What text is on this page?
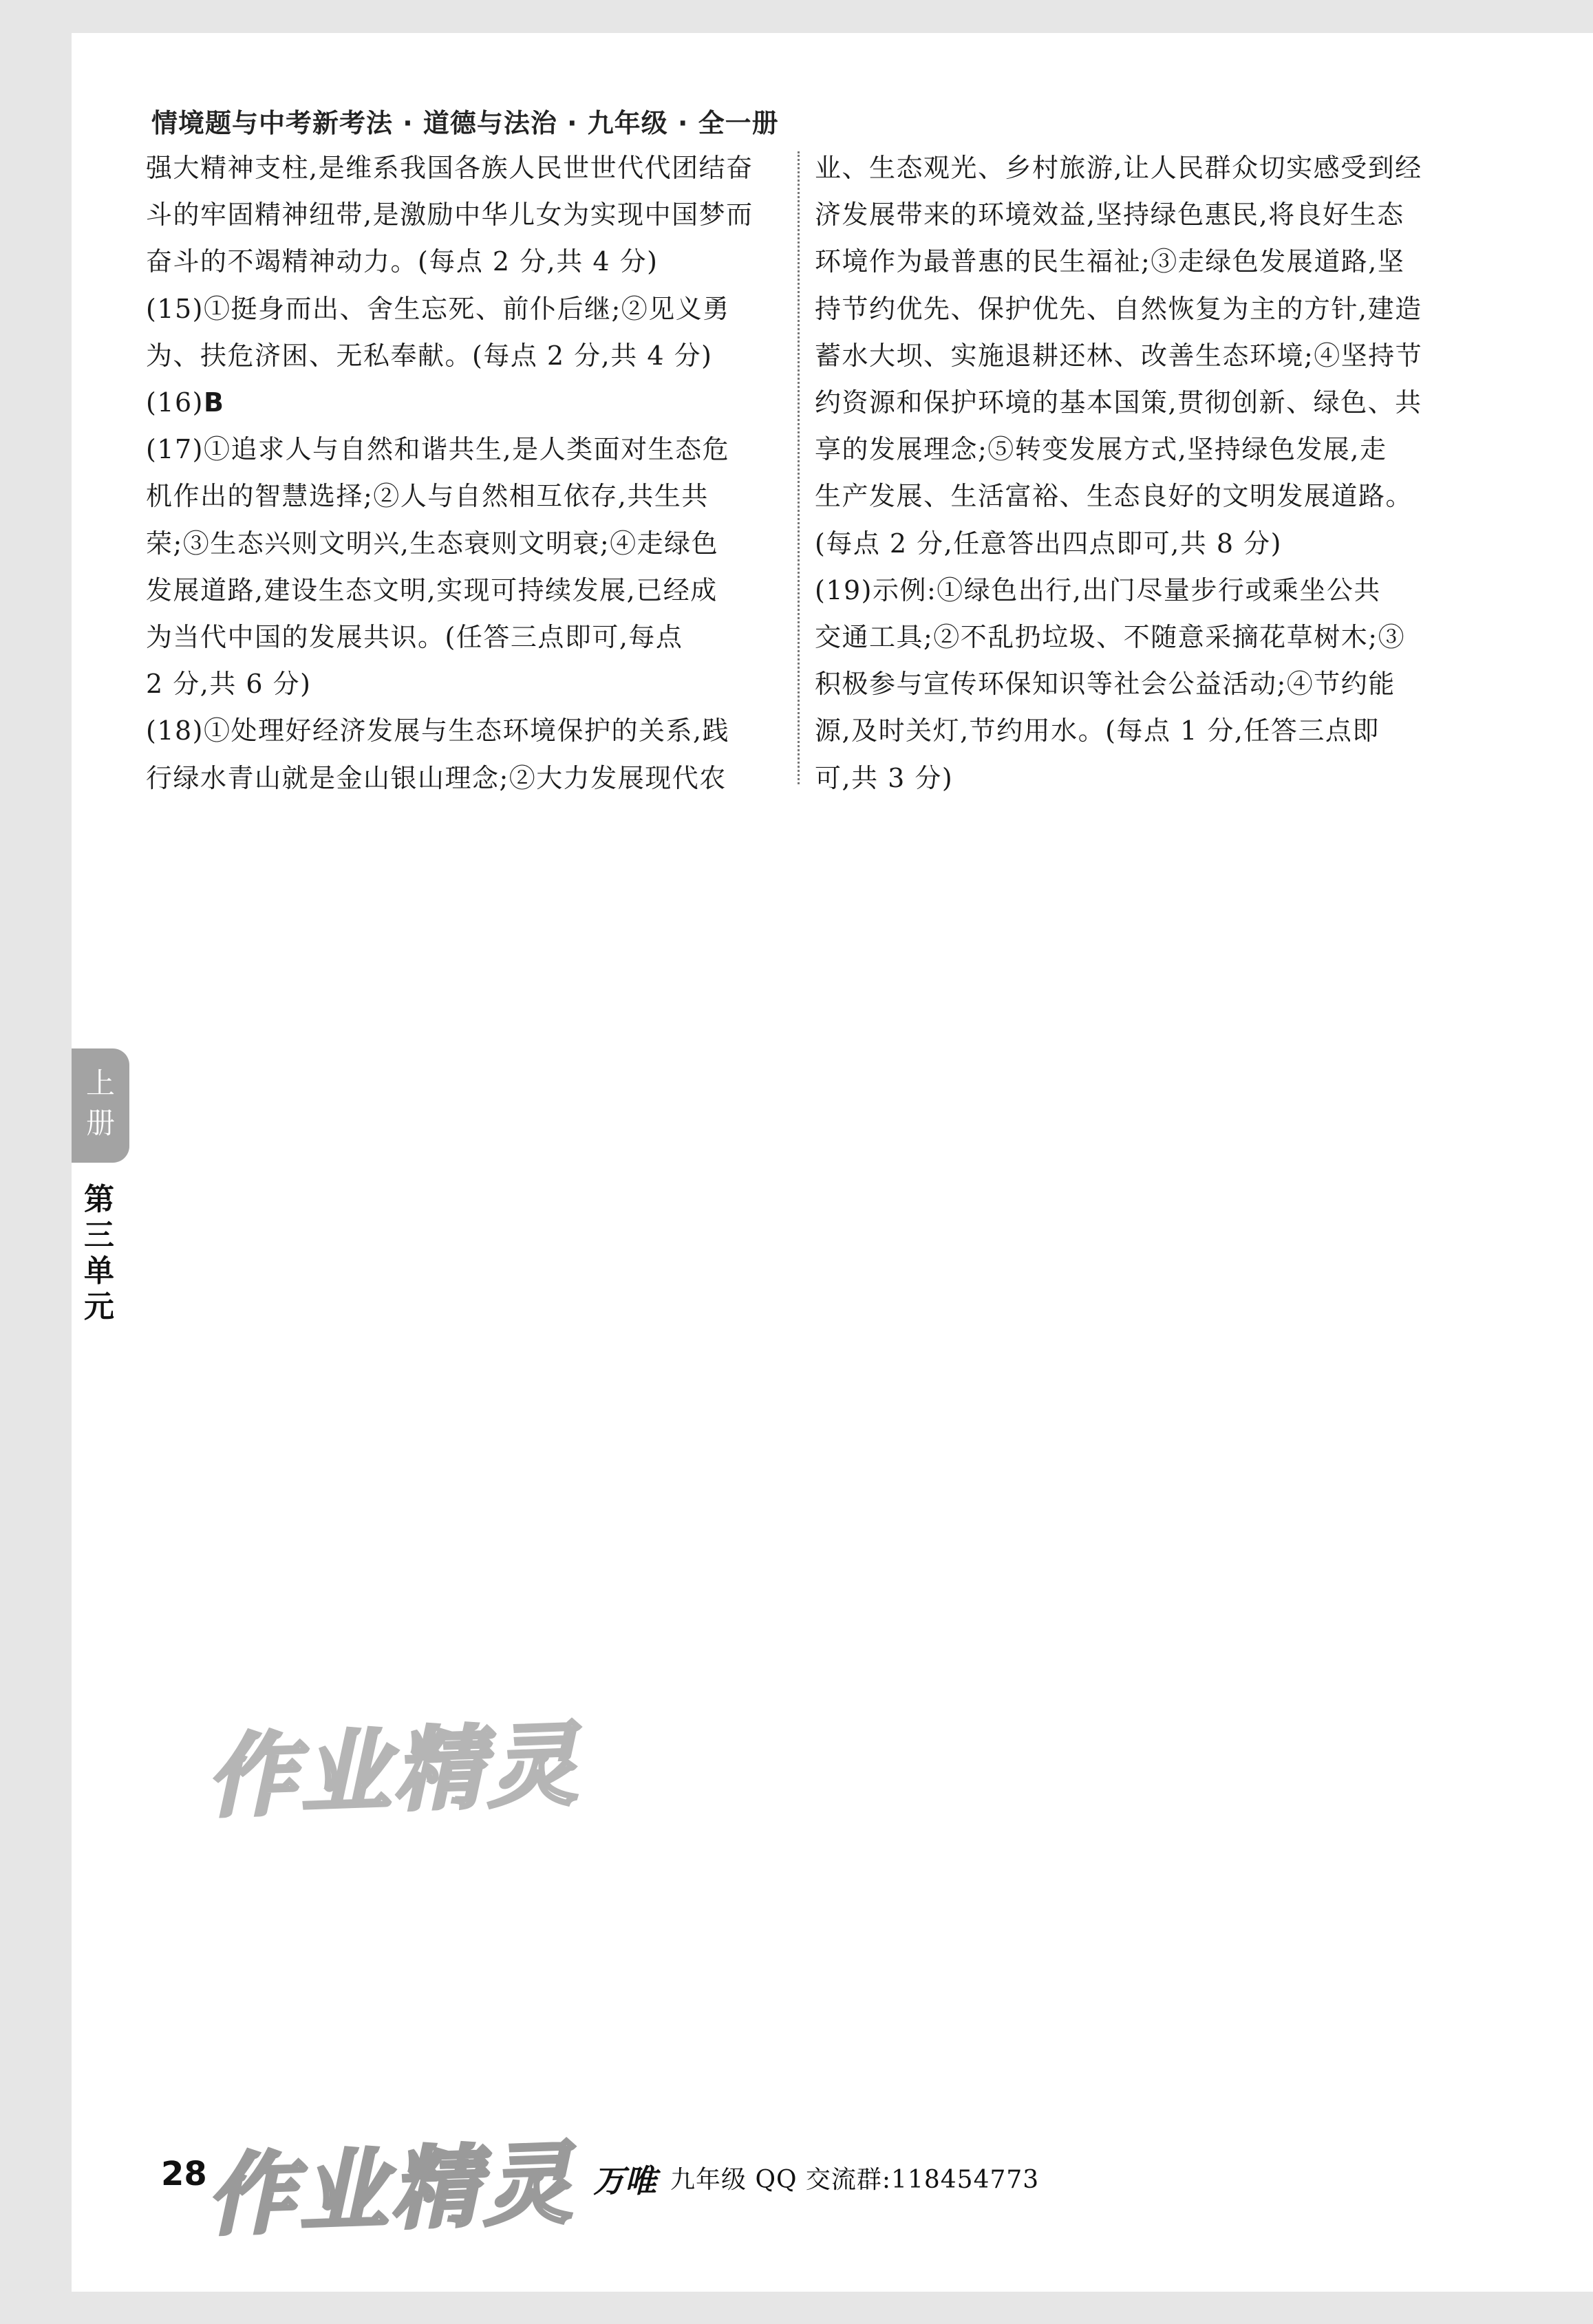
情境题与中考新考法 · 道德与法治 · 九年级 · 全一册

强大精神支柱,是维系我国各族人民世世代代团结奋

斗的牢固精神纽带,是激励中华儿女为实现中国梦而

奋斗的不竭精神动力。(每点 2 分,共 4 分)

(15)①挺身而出、舍生忘死、前仆后继;②见义勇

为、扶危济困、无私奉献。(每点 2 分,共 4 分)

(16)B

(17)①追求人与自然和谐共生,是人类面对生态危

机作出的智慧选择;②人与自然相互依存,共生共

荣;③生态兴则文明兴,生态衰则文明衰;④走绿色

发展道路,建设生态文明,实现可持续发展,已经成

为当代中国的发展共识。(任答三点即可,每点

2 分,共 6 分)

(18)①处理好经济发展与生态环境保护的关系,践

行绿水青山就是金山银山理念;②大力发展现代农

业、生态观光、乡村旅游,让人民群众切实感受到经

济发展带来的环境效益,坚持绿色惠民,将良好生态

环境作为最普惠的民生福祉;③走绿色发展道路,坚

持节约优先、保护优先、自然恢复为主的方针,建造

蓄水大坝、实施退耕还林、改善生态环境;④坚持节

约资源和保护环境的基本国策,贯彻创新、绿色、共

享的发展理念;⑤转变发展方式,坚持绿色发展,走

生产发展、生活富裕、生态良好的文明发展道路。

(每点 2 分,任意答出四点即可,共 8 分)

(19)示例:①绿色出行,出门尽量步行或乘坐公共

交通工具;②不乱扔垃圾、不随意采摘花草树木;③

积极参与宣传环保知识等社会公益活动;④节约能

源,及时关灯,节约用水。(每点 1 分,任答三点即

可,共 3 分)

上
册
第
三
单
元
作业精灵
作业精灵
28	万唯 九年级 QQ 交流群:118454773
